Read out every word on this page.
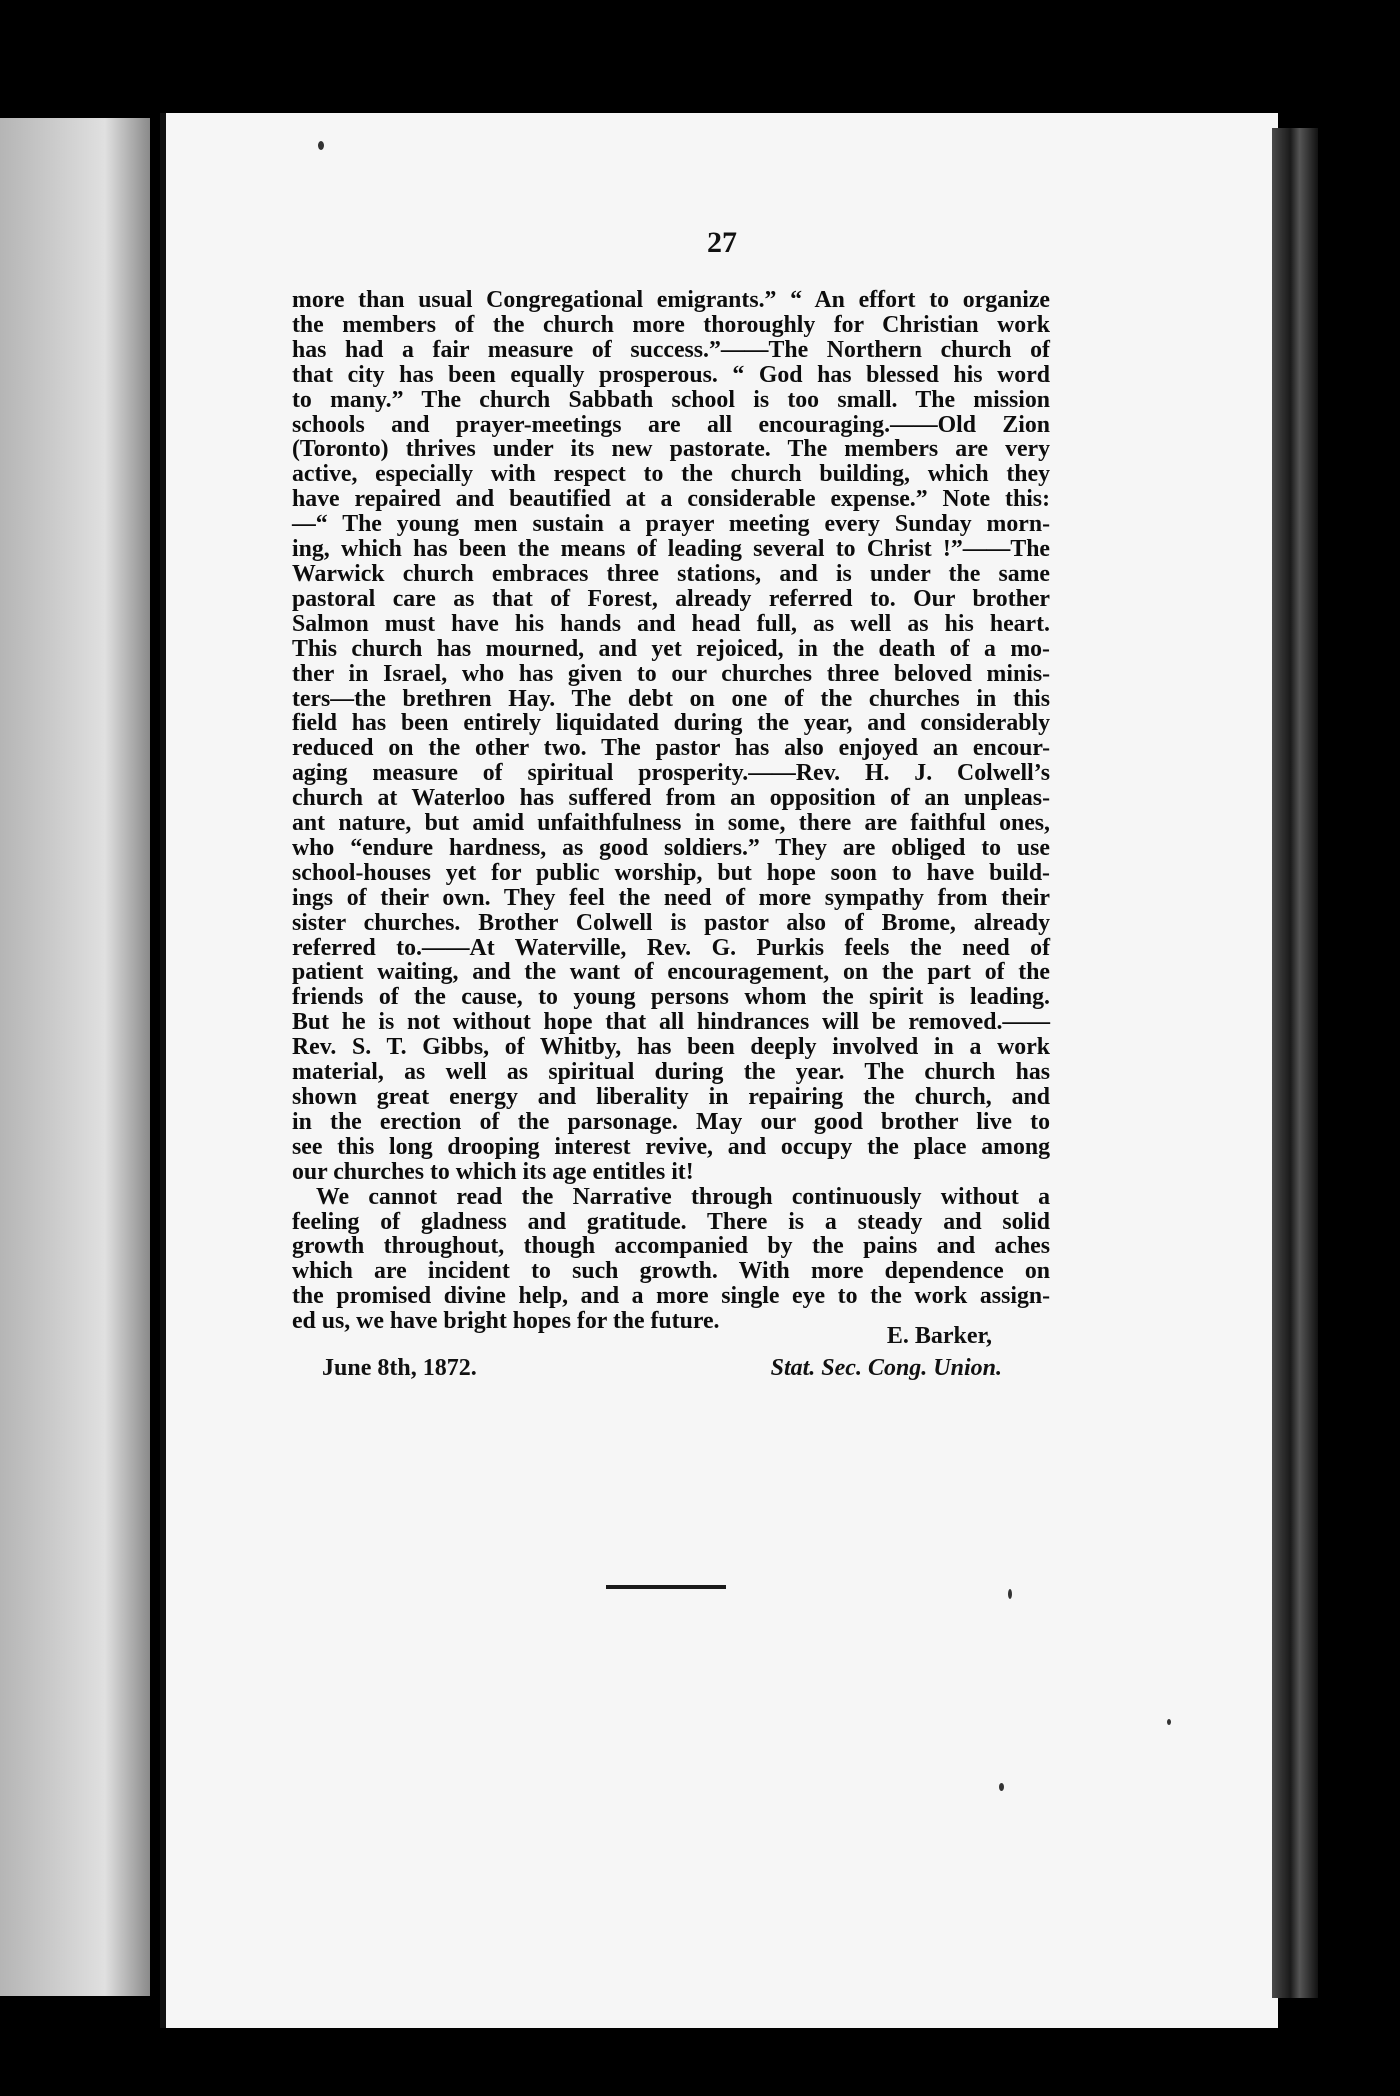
27
more than usual Congregational emigrants.” “ An effort to organize
the members of the church more thoroughly for Christian work
has had a fair measure of success.”——The Northern church of
that city has been equally prosperous. “ God has blessed his word
to many.” The church Sabbath school is too small. The mission
schools and prayer-meetings are all encouraging.——Old Zion
(Toronto) thrives under its new pastorate. The members are very
active, especially with respect to the church building, which they
have repaired and beautified at a considerable expense.” Note this:
—“ The young men sustain a prayer meeting every Sunday morn-
ing, which has been the means of leading several to Christ !”——The
Warwick church embraces three stations, and is under the same
pastoral care as that of Forest, already referred to. Our brother
Salmon must have his hands and head full, as well as his heart.
This church has mourned, and yet rejoiced, in the death of a mo-
ther in Israel, who has given to our churches three beloved minis-
ters—the brethren Hay. The debt on one of the churches in this
field has been entirely liquidated during the year, and considerably
reduced on the other two. The pastor has also enjoyed an encour-
aging measure of spiritual prosperity.——Rev. H. J. Colwell’s
church at Waterloo has suffered from an opposition of an unpleas-
ant nature, but amid unfaithfulness in some, there are faithful ones,
who “endure hardness, as good soldiers.” They are obliged to use
school-houses yet for public worship, but hope soon to have build-
ings of their own. They feel the need of more sympathy from their
sister churches. Brother Colwell is pastor also of Brome, already
referred to.——At Waterville, Rev. G. Purkis feels the need of
patient waiting, and the want of encouragement, on the part of the
friends of the cause, to young persons whom the spirit is leading.
But he is not without hope that all hindrances will be removed.——
Rev. S. T. Gibbs, of Whitby, has been deeply involved in a work
material, as well as spiritual during the year. The church has
shown great energy and liberality in repairing the church, and
in the erection of the parsonage. May our good brother live to
see this long drooping interest revive, and occupy the place among
our churches to which its age entitles it!
We cannot read the Narrative through continuously without a
feeling of gladness and gratitude. There is a steady and solid
growth throughout, though accompanied by the pains and aches
which are incident to such growth. With more dependence on
the promised divine help, and a more single eye to the work assign-
ed us, we have bright hopes for the future.
E. Barker,
June 8th, 1872.	Stat. Sec. Cong. Union.
